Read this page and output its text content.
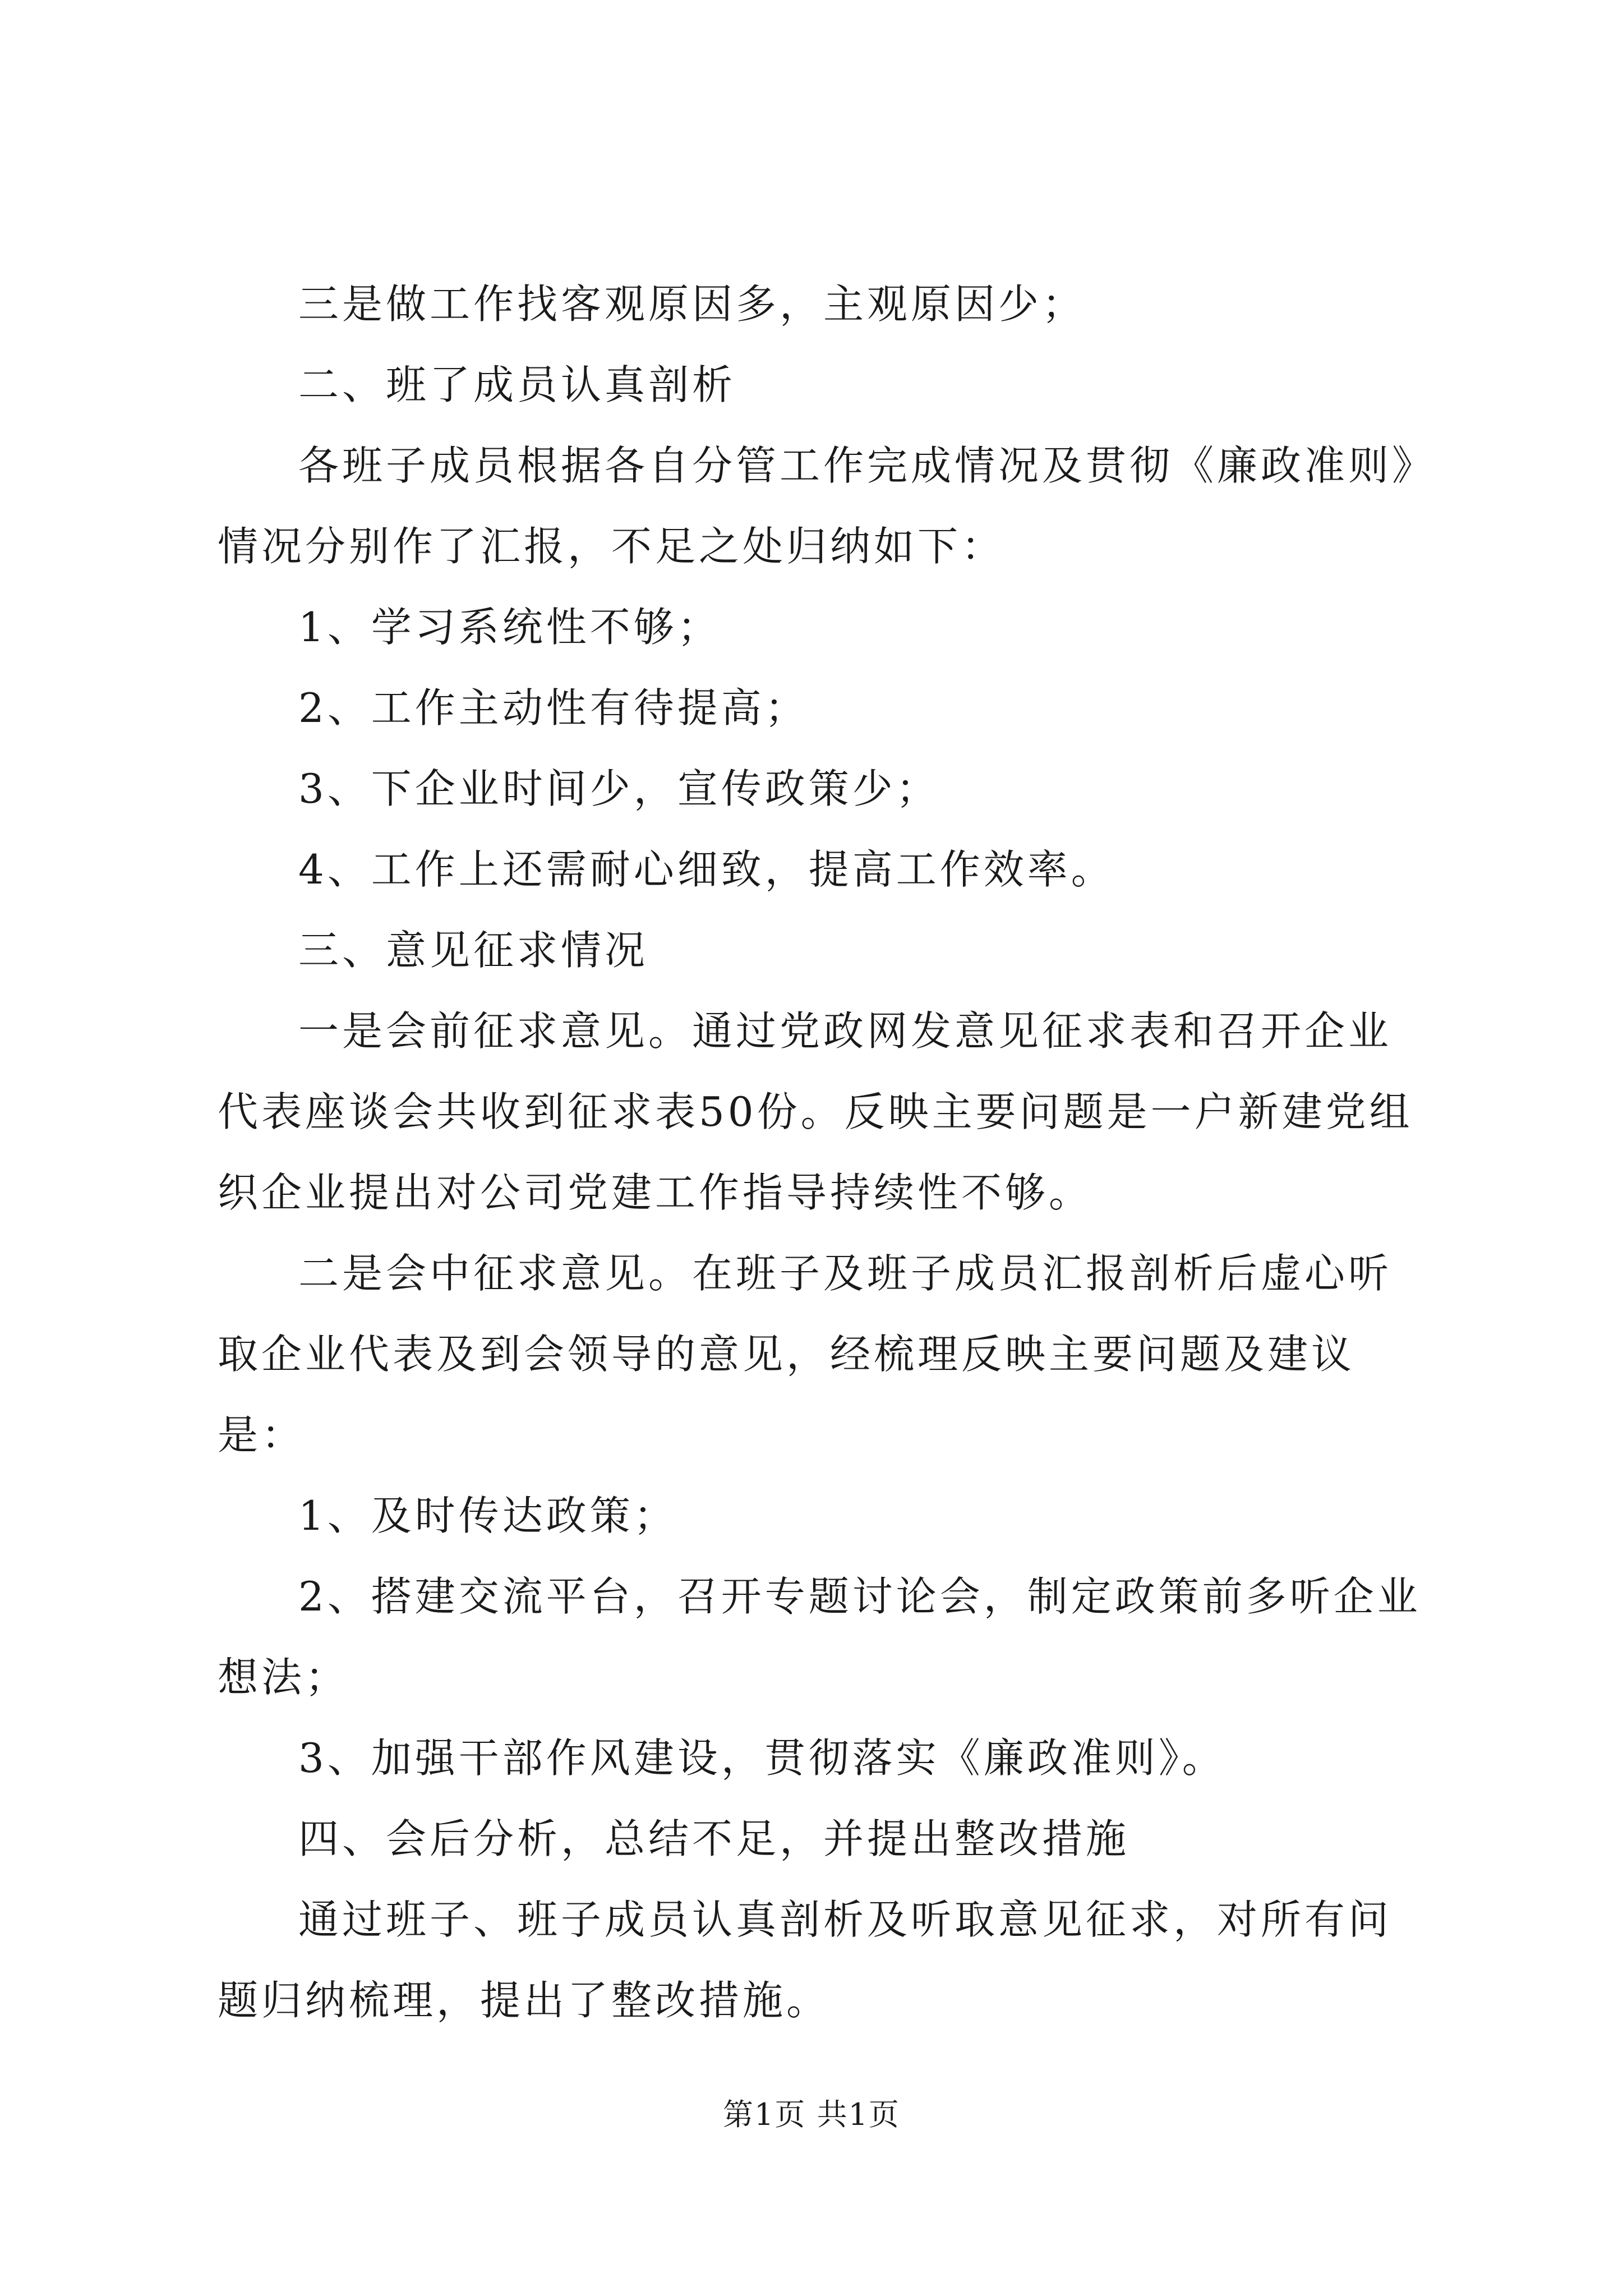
三是做工作找客观原因多，主观原因少；

二、班了成员认真剖析

各班子成员根据各自分管工作完成情况及贯彻《廉政准则》情况分别作了汇报，不足之处归纳如下：

1、学习系统性不够；

2、工作主动性有待提高；

3、下企业时间少，宣传政策少；

4、工作上还需耐心细致，提高工作效率。

三、意见征求情况

一是会前征求意见。通过党政网发意见征求表和召开企业代表座谈会共收到征求表50份。反映主要问题是一户新建党组织企业提出对公司党建工作指导持续性不够。

二是会中征求意见。在班子及班子成员汇报剖析后虚心听取企业代表及到会领导的意见，经梳理反映主要问题及建议是：

1、及时传达政策；

2、搭建交流平台，召开专题讨论会，制定政策前多听企业想法；

3、加强干部作风建设，贯彻落实《廉政准则》。

四、会后分析，总结不足，并提出整改措施

通过班子、班子成员认真剖析及听取意见征求，对所有问题归纳梳理，提出了整改措施。

第1页 共1页
